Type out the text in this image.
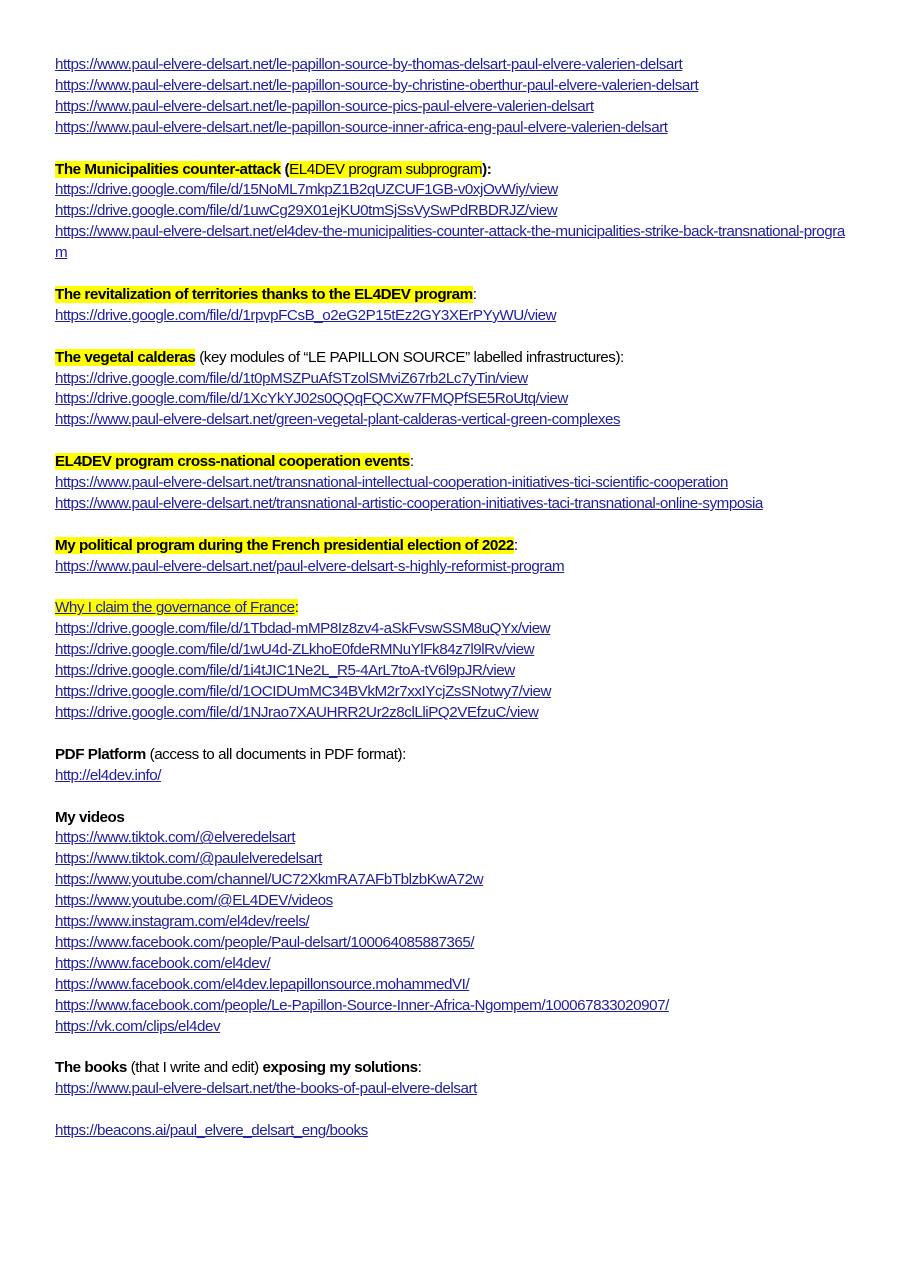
https://www.paul-elvere-delsart.net/le-papillon-source-by-thomas-delsart-paul-elvere-valerien-delsart
https://www.paul-elvere-delsart.net/le-papillon-source-by-christine-oberthur-paul-elvere-valerien-delsart
https://www.paul-elvere-delsart.net/le-papillon-source-pics-paul-elvere-valerien-delsart
https://www.paul-elvere-delsart.net/le-papillon-source-inner-africa-eng-paul-elvere-valerien-delsart
The Municipalities counter-attack (EL4DEV program subprogram):
https://drive.google.com/file/d/15NoML7mkpZ1B2qUZCUF1GB-v0xjOvWiy/view
https://drive.google.com/file/d/1uwCg29X01ejKU0tmSjSsVySwPdRBDRJZ/view
https://www.paul-elvere-delsart.net/el4dev-the-municipalities-counter-attack-the-municipalities-strike-back-transnational-program
The revitalization of territories thanks to the EL4DEV program:
https://drive.google.com/file/d/1rpvpFCsB_o2eG2P15tEz2GY3XErPYyWU/view
The vegetal calderas (key modules of “LE PAPILLON SOURCE” labelled infrastructures):
https://drive.google.com/file/d/1t0pMSZPuAfSTzolSMviZ67rb2Lc7yTin/view
https://drive.google.com/file/d/1XcYkYJ02s0QQqFQCXw7FMQPfSE5RoUtq/view
https://www.paul-elvere-delsart.net/green-vegetal-plant-calderas-vertical-green-complexes
EL4DEV program cross-national cooperation events:
https://www.paul-elvere-delsart.net/transnational-intellectual-cooperation-initiatives-tici-scientific-cooperation
https://www.paul-elvere-delsart.net/transnational-artistic-cooperation-initiatives-taci-transnational-online-symposia
My political program during the French presidential election of 2022:
https://www.paul-elvere-delsart.net/paul-elvere-delsart-s-highly-reformist-program
Why I claim the governance of France:
https://drive.google.com/file/d/1Tbdad-mMP8Iz8zv4-aSkFvswSSM8uQYx/view
https://drive.google.com/file/d/1wU4d-ZLkhoE0fdeRMNuYlFk84z7l9lRv/view
https://drive.google.com/file/d/1i4tJIC1Ne2L_R5-4ArL7toA-tV6l9pJR/view
https://drive.google.com/file/d/1OCIDUmMC34BVkM2r7xxIYcjZsSNotwy7/view
https://drive.google.com/file/d/1NJrao7XAUHRR2Ur2z8clLliPQ2VEfzuC/view
PDF Platform (access to all documents in PDF format):
http://el4dev.info/
My videos
https://www.tiktok.com/@elveredelsart
https://www.tiktok.com/@paulelveredelsart
https://www.youtube.com/channel/UC72XkmRA7AFbTblzbKwA72w
https://www.youtube.com/@EL4DEV/videos
https://www.instagram.com/el4dev/reels/
https://www.facebook.com/people/Paul-delsart/100064085887365/
https://www.facebook.com/el4dev/
https://www.facebook.com/el4dev.lepapillonsource.mohammedVI/
https://www.facebook.com/people/Le-Papillon-Source-Inner-Africa-Ngompem/100067833020907/
https://vk.com/clips/el4dev
The books (that I write and edit) exposing my solutions:
https://www.paul-elvere-delsart.net/the-books-of-paul-elvere-delsart
https://beacons.ai/paul_elvere_delsart_eng/books
